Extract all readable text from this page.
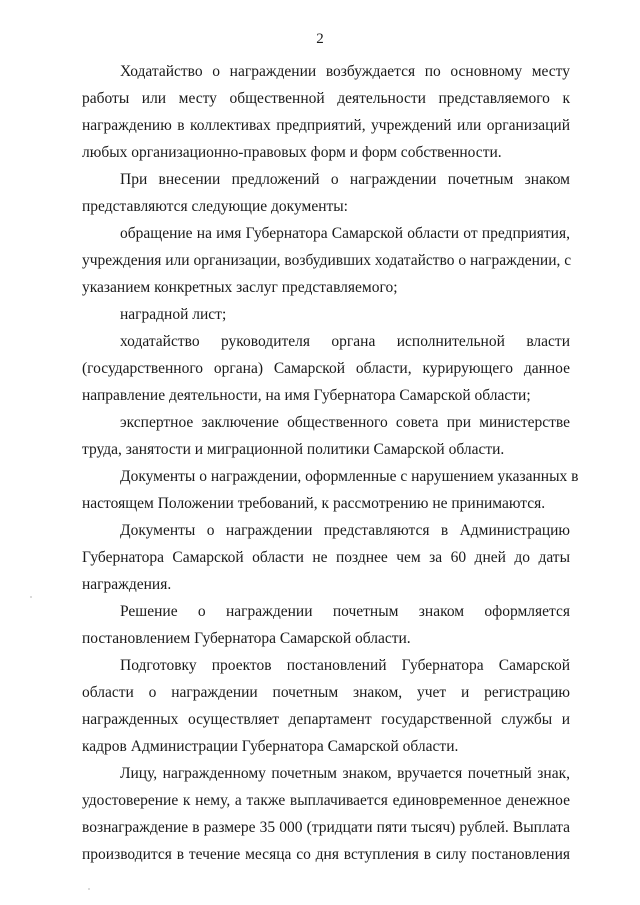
2
Ходатайство о награждении возбуждается по основному месту
работы или месту общественной деятельности представляемого к
награждению в коллективах предприятий, учреждений или организаций
любых организационно-правовых форм и форм собственности.
При внесении предложений о награждении почетным знаком
представляются следующие документы:
обращение на имя Губернатора Самарской области от предприятия,
учреждения или организации, возбудивших ходатайство о награждении, с
указанием конкретных заслуг представляемого;
наградной лист;
ходатайство руководителя органа исполнительной власти
(государственного органа) Самарской области, курирующего данное
направление деятельности, на имя Губернатора Самарской области;
экспертное заключение общественного совета при министерстве
труда, занятости и миграционной политики Самарской области.
Документы о награждении, оформленные с нарушением указанных в
настоящем Положении требований, к рассмотрению не принимаются.
Документы о награждении представляются в Администрацию
Губернатора Самарской области не позднее чем за 60 дней до даты
награждения.
Решение о награждении почетным знаком оформляется
постановлением Губернатора Самарской области.
Подготовку проектов постановлений Губернатора Самарской
области о награждении почетным знаком, учет и регистрацию
награжденных осуществляет департамент государственной службы и
кадров Администрации Губернатора Самарской области.
Лицу, награжденному почетным знаком, вручается почетный знак,
удостоверение к нему, а также выплачивается единовременное денежное
вознаграждение в размере 35 000 (тридцати пяти тысяч) рублей. Выплата
производится в течение месяца со дня вступления в силу постановления
